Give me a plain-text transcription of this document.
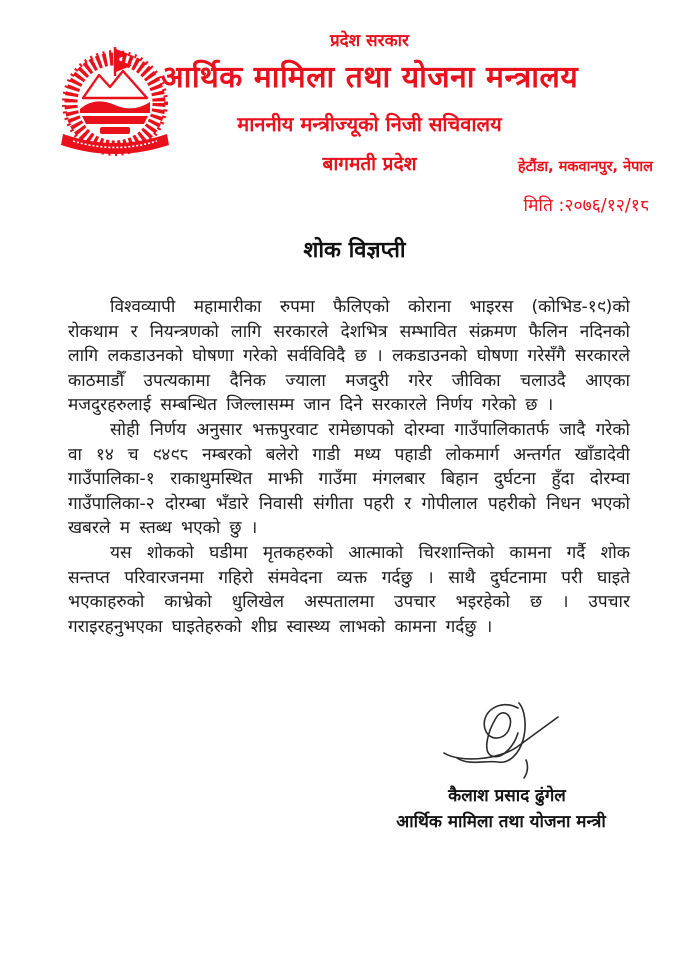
प्रदेश सरकार
आर्थिक मामिला तथा योजना मन्त्रालय
माननीय मन्त्रीज्यूको निजी सचिवालय
बागमती प्रदेश	हेटौंडा, मकवानपुर, नेपाल
मिति :२०७६/१२/१८
शोक विज्ञप्ती

विश्वव्यापी महामारीका रुपमा फैलिएको कोराना भाइरस (कोभिड-१९)को रोकथाम र नियन्त्रणको लागि सरकारले देशभित्र सम्भावित संक्रमण फैलिन नदिनको लागि लकडाउनको घोषणा गरेको सर्वविविदै छ । लकडाउनको घोषणा गरेसँगै सरकारले काठमाडौँ उपत्यकामा दैनिक ज्याला मजदुरी गरेर जीविका चलाउदै आएका मजदुरहरुलाई सम्बन्धित जिल्लासम्म जान दिने सरकारले निर्णय गरेको छ ।

सोही निर्णय अनुसार भक्तपुरवाट रामेछापको दोरम्वा गाउँपालिकातर्फ जादै गरेको वा १४ च ९४९८ नम्बरको बलेरो गाडी मध्य पहाडी लोकमार्ग अन्तर्गत खाँडादेवी गाउँपालिका-१ राकाथुमस्थित माझी गाउँमा मंगलबार बिहान दुर्घटना हुँदा दोरम्वा गाउँपालिका-२ दोरम्बा भँडारे निवासी संगीता पहरी र गोपीलाल पहरीको निधन भएको खबरले म स्तब्ध भएको छु ।

यस शोकको घडीमा मृतकहरुको आत्माको चिरशान्तिको कामना गर्दै शोक सन्तप्त परिवारजनमा गहिरो संमवेदना व्यक्त गर्दछु । साथै दुर्घटनामा परी घाइते भएकाहरुको काभ्रेको धुलिखेल अस्पतालमा उपचार भइरहेको छ । उपचार गराइरहनुभएका घाइतेहरुको शीघ्र स्वास्थ्य लाभको कामना गर्दछु ।

कैलाश प्रसाद ढुंगेल
आर्थिक मामिला तथा योजना मन्त्री
